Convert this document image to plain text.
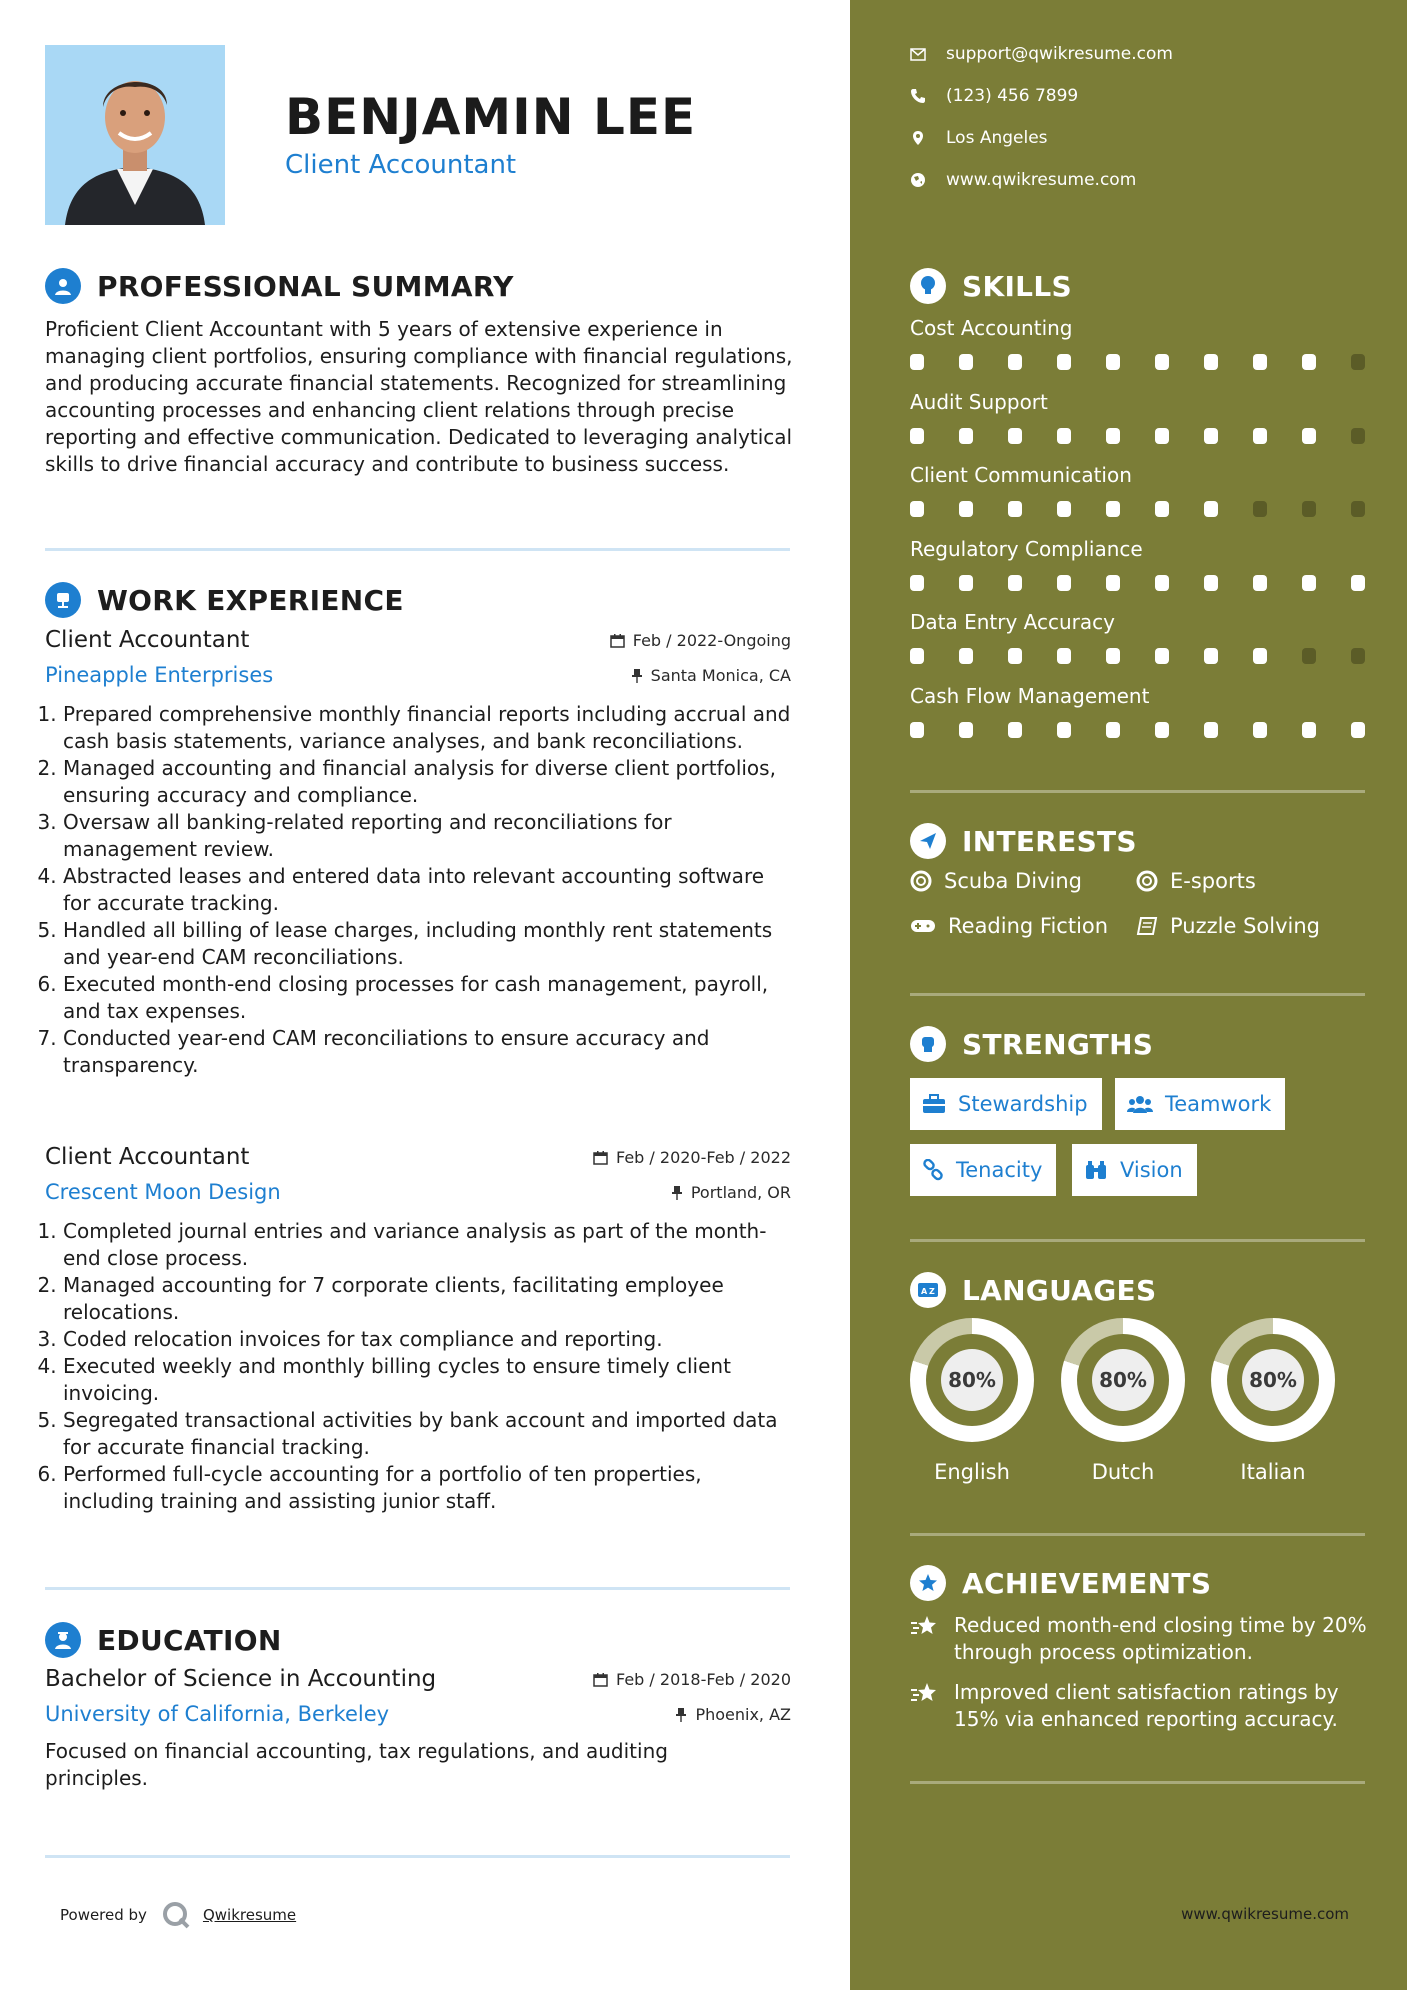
BENJAMIN LEE
Client Accountant
PROFESSIONAL SUMMARY
Proficient Client Accountant with 5 years of extensive experience in managing client portfolios, ensuring compliance with financial regulations, and producing accurate financial statements. Recognized for streamlining accounting processes and enhancing client relations through precise reporting and effective communication. Dedicated to leveraging analytical skills to drive financial accuracy and contribute to business success.
WORK EXPERIENCE
Client Accountant	Feb / 2022-Ongoing
Pineapple Enterprises	Santa Monica, CA
1. Prepared comprehensive monthly financial reports including accrual and cash basis statements, variance analyses, and bank reconciliations.
2. Managed accounting and financial analysis for diverse client portfolios, ensuring accuracy and compliance.
3. Oversaw all banking-related reporting and reconciliations for management review.
4. Abstracted leases and entered data into relevant accounting software for accurate tracking.
5. Handled all billing of lease charges, including monthly rent statements and year-end CAM reconciliations.
6. Executed month-end closing processes for cash management, payroll, and tax expenses.
7. Conducted year-end CAM reconciliations to ensure accuracy and transparency.
Client Accountant	Feb / 2020-Feb / 2022
Crescent Moon Design	Portland, OR
1. Completed journal entries and variance analysis as part of the month-end close process.
2. Managed accounting for 7 corporate clients, facilitating employee relocations.
3. Coded relocation invoices for tax compliance and reporting.
4. Executed weekly and monthly billing cycles to ensure timely client invoicing.
5. Segregated transactional activities by bank account and imported data for accurate financial tracking.
6. Performed full-cycle accounting for a portfolio of ten properties, including training and assisting junior staff.
EDUCATION
Bachelor of Science in Accounting	Feb / 2018-Feb / 2020
University of California, Berkeley	Phoenix, AZ
Focused on financial accounting, tax regulations, and auditing principles.
Powered by	Qwikresume
support@qwikresume.com
(123) 456 7899
Los Angeles
www.qwikresume.com
SKILLS
Cost Accounting
Audit Support
Client Communication
Regulatory Compliance
Data Entry Accuracy
Cash Flow Management
INTERESTS
Scuba Diving	E-sports
Reading Fiction	Puzzle Solving
STRENGTHS
Stewardship	Teamwork
Tenacity	Vision
A Z LANGUAGES
80%
English
80%
Dutch
80%
Italian
ACHIEVEMENTS
Reduced month-end closing time by 20% through process optimization.
Improved client satisfaction ratings by 15% via enhanced reporting accuracy.
www.qwikresume.com
